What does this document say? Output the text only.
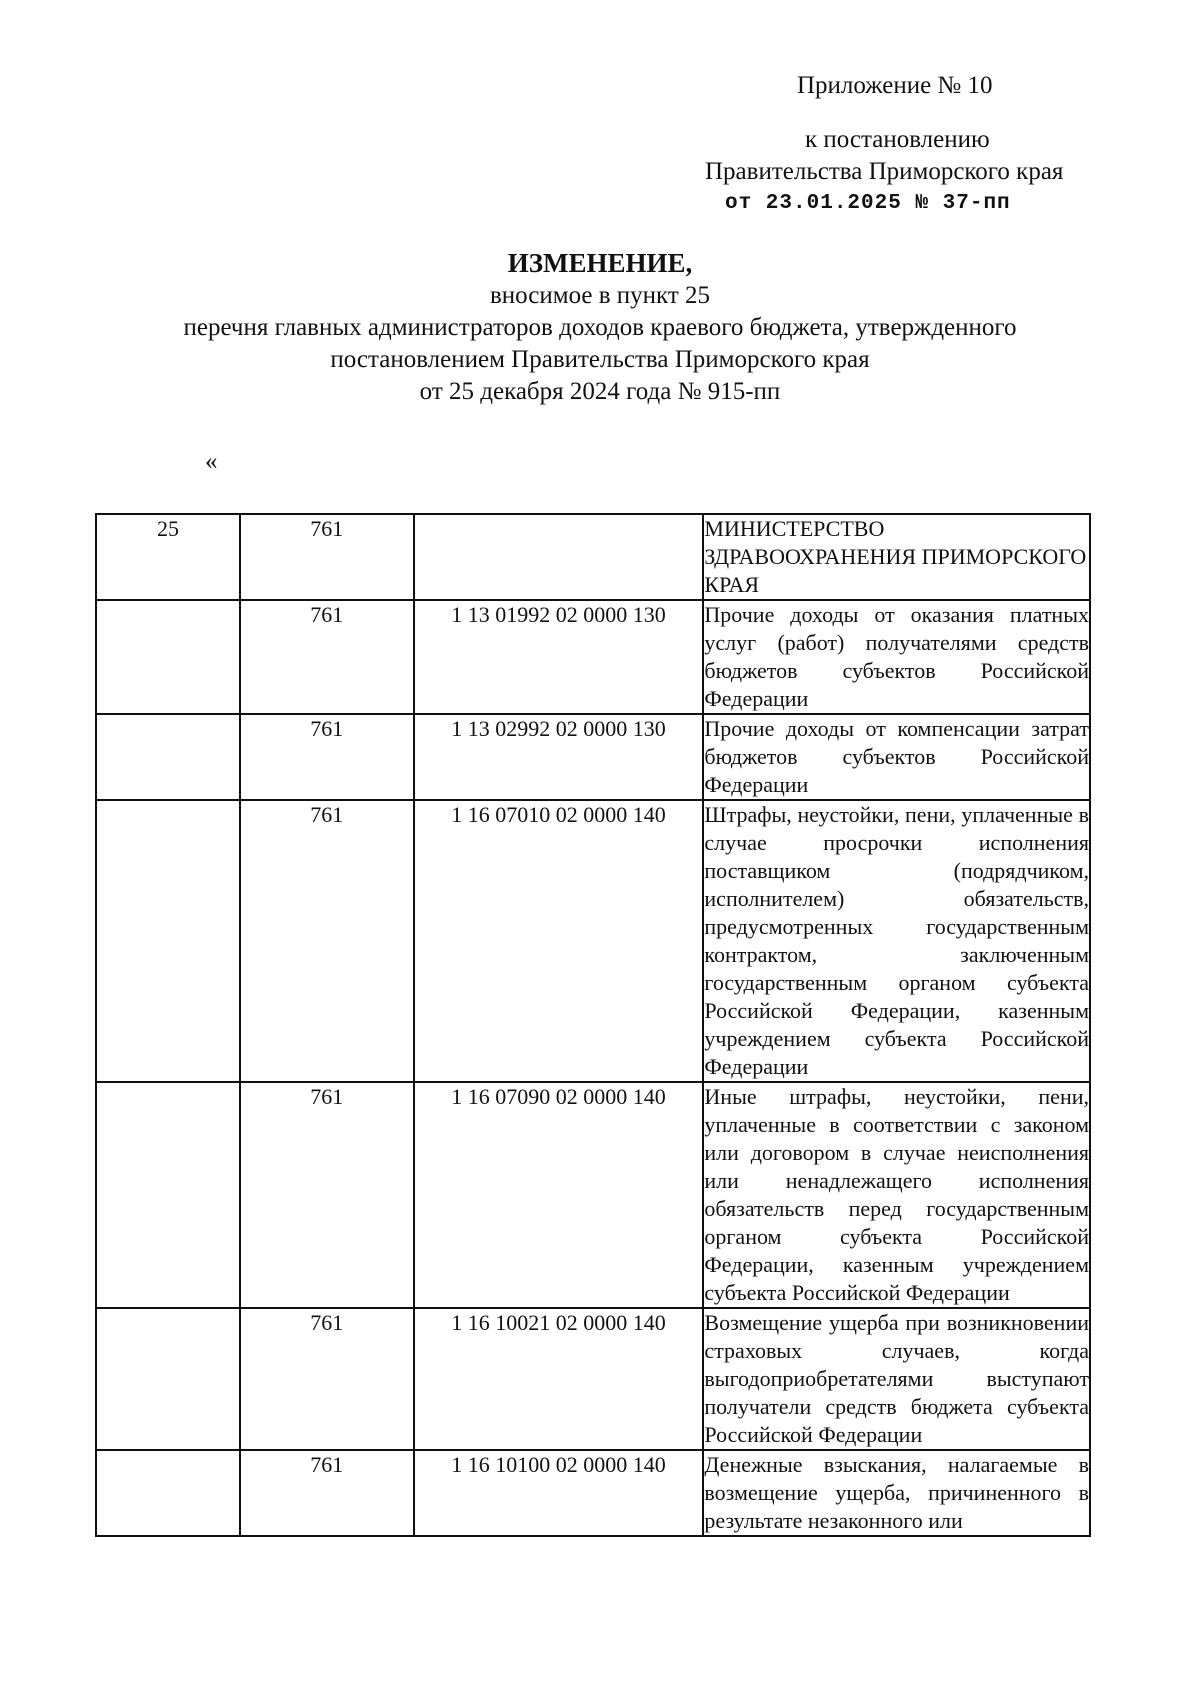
Приложение № 10
к постановлению
Правительства Приморского края
от 23.01.2025 № 37-пп
ИЗМЕНЕНИЕ,
вносимое в пункт 25
перечня главных администраторов доходов краевого бюджета, утвержденного
постановлением Правительства Приморского края
от 25 декабря 2024 года № 915-пп
«
25	761		МИНИСТЕРСТВО ЗДРАВООХРАНЕНИЯ ПРИМОРСКОГО КРАЯ
	761	1 13 01992 02 0000 130	Прочие доходы от оказания платных услуг (работ) получателями средств бюджетов субъектов Российской Федерации
	761	1 13 02992 02 0000 130	Прочие доходы от компенсации затрат бюджетов субъектов Российской Федерации
	761	1 16 07010 02 0000 140	Штрафы, неустойки, пени, уплаченные в случае просрочки исполнения поставщиком (подрядчиком, исполнителем) обязательств, предусмотренных государственным контрактом, заключенным государственным органом субъекта Российской Федерации, казенным учреждением субъекта Российской Федерации
	761	1 16 07090 02 0000 140	Иные штрафы, неустойки, пени, уплаченные в соответствии с законом или договором в случае неисполнения или ненадлежащего исполнения обязательств перед государственным органом субъекта Российской Федерации, казенным учреждением субъекта Российской Федерации
	761	1 16 10021 02 0000 140	Возмещение ущерба при возникновении страховых случаев, когда выгодоприобретателями выступают получатели средств бюджета субъекта Российской Федерации
	761	1 16 10100 02 0000 140	Денежные взыскания, налагаемые в возмещение ущерба, причиненного в результате незаконного или
